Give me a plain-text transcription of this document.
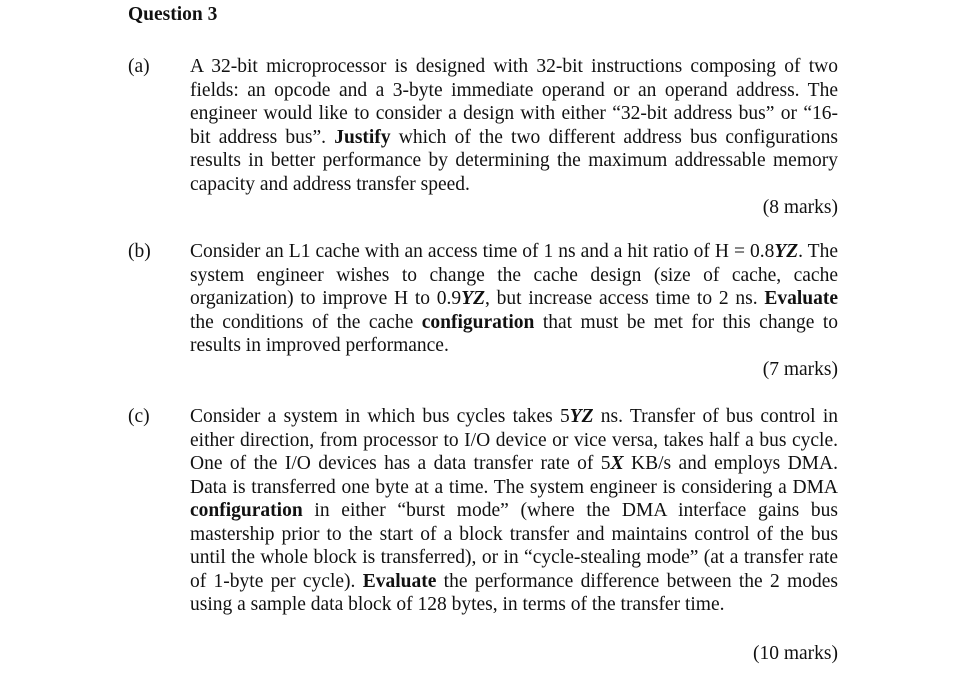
Question 3
(a) A 32-bit microprocessor is designed with 32-bit instructions composing of two fields: an opcode and a 3-byte immediate operand or an operand address. The engineer would like to consider a design with either “32-bit address bus” or “16-bit address bus”. Justify which of the two different address bus configurations results in better performance by determining the maximum addressable memory capacity and address transfer speed.

(8 marks)
(b) Consider an L1 cache with an access time of 1 ns and a hit ratio of H = 0.8YZ. The system engineer wishes to change the cache design (size of cache, cache organization) to improve H to 0.9YZ, but increase access time to 2 ns. Evaluate the conditions of the cache configuration that must be met for this change to results in improved performance.

(7 marks)
(c) Consider a system in which bus cycles takes 5YZ ns. Transfer of bus control in either direction, from processor to I/O device or vice versa, takes half a bus cycle. One of the I/O devices has a data transfer rate of 5X KB/s and employs DMA. Data is transferred one byte at a time. The system engineer is considering a DMA configuration in either “burst mode” (where the DMA interface gains bus mastership prior to the start of a block transfer and maintains control of the bus until the whole block is transferred), or in “cycle-stealing mode” (at a transfer rate of 1-byte per cycle). Evaluate the performance difference between the 2 modes using a sample data block of 128 bytes, in terms of the transfer time.

(10 marks)
